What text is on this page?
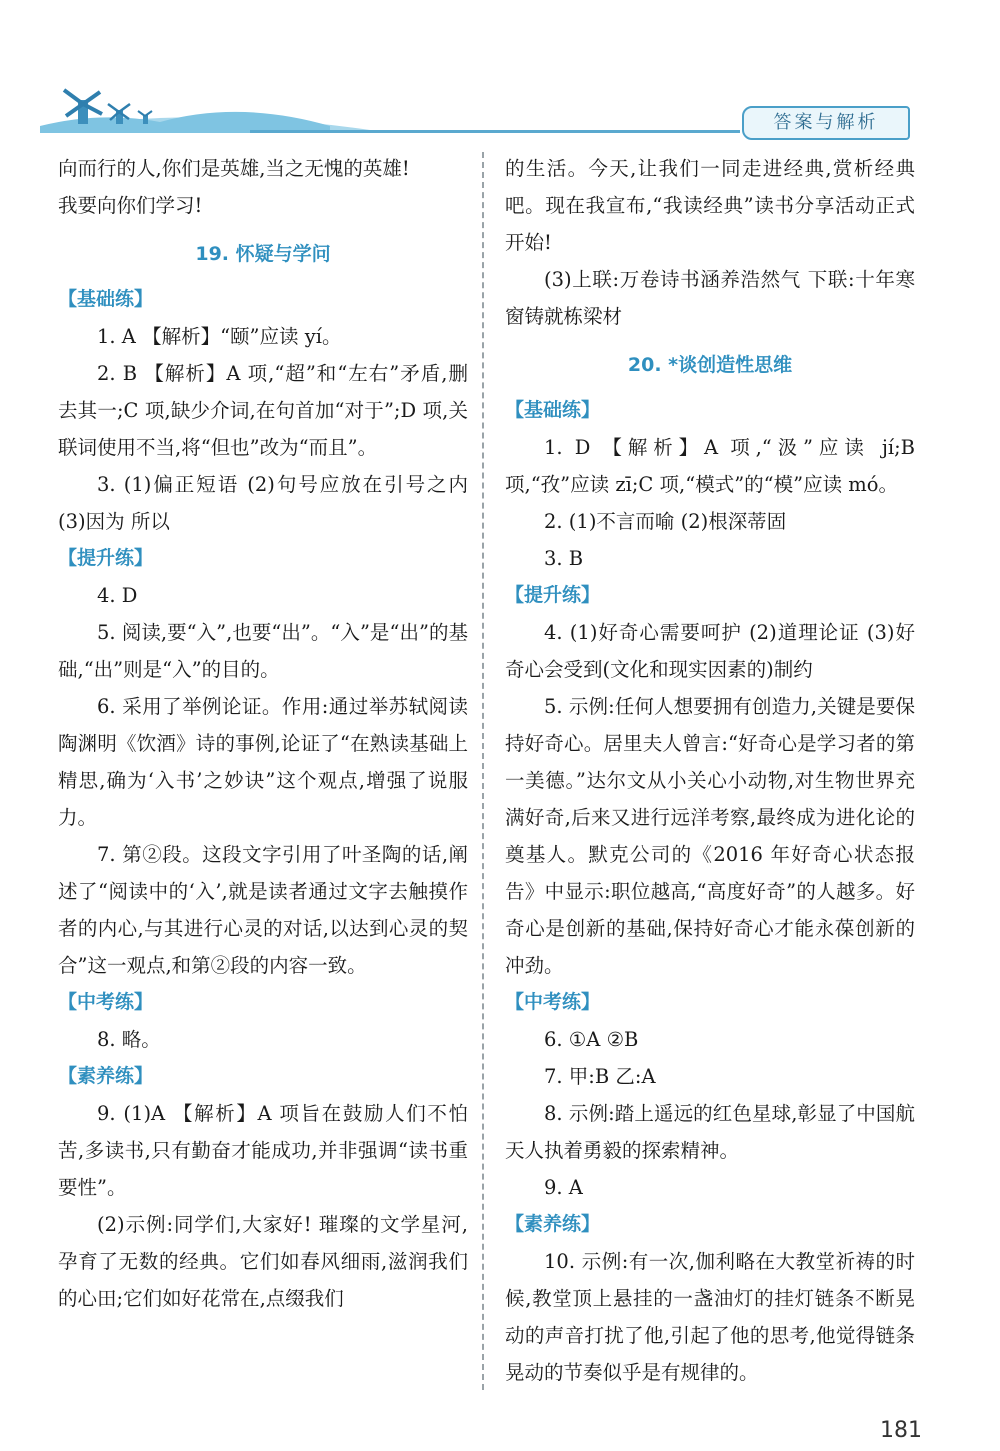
答案与解析

向而行的人,你们是英雄,当之无愧的英雄!

我要向你们学习!

19. 怀疑与学问

【基础练】

1. A 【解析】“颐”应读 yí。

2. B 【解析】A 项,“超”和“左右”矛盾,删去其一;C 项,缺少介词,在句首加“对于”;D 项,关联词使用不当,将“但也”改为“而且”。

3. (1)偏正短语 (2)句号应放在引号之内 (3)因为 所以

【提升练】

4. D

5. 阅读,要“入”,也要“出”。“入”是“出”的基础,“出”则是“入”的目的。

6. 采用了举例论证。作用:通过举苏轼阅读陶渊明《饮酒》诗的事例,论证了“在熟读基础上精思,确为‘入书’之妙诀”这个观点,增强了说服力。

7. 第②段。这段文字引用了叶圣陶的话,阐述了“阅读中的‘入’,就是读者通过文字去触摸作者的内心,与其进行心灵的对话,以达到心灵的契合”这一观点,和第②段的内容一致。

【中考练】

8. 略。

【素养练】

9. (1)A 【解析】A 项旨在鼓励人们不怕苦,多读书,只有勤奋才能成功,并非强调“读书重要性”。

(2)示例:同学们,大家好! 璀璨的文学星河,孕育了无数的经典。它们如春风细雨,滋润我们的心田;它们如好花常在,点缀我们

的生活。今天,让我们一同走进经典,赏析经典吧。现在我宣布,“我读经典”读书分享活动正式开始!

(3)上联:万卷诗书涵养浩然气 下联:十年寒窗铸就栋梁材

20. *谈创造性思维

【基础练】

1. D 【解析】A 项,“汲”应读 jí;B 项,“孜”应读 zī;C 项,“模式”的“模”应读 mó。

2. (1)不言而喻 (2)根深蒂固

3. B

【提升练】

4. (1)好奇心需要呵护 (2)道理论证 (3)好奇心会受到(文化和现实因素的)制约

5. 示例:任何人想要拥有创造力,关键是要保持好奇心。居里夫人曾言:“好奇心是学习者的第一美德。”达尔文从小关心小动物,对生物世界充满好奇,后来又进行远洋考察,最终成为进化论的奠基人。默克公司的《2016 年好奇心状态报告》中显示:职位越高,“高度好奇”的人越多。好奇心是创新的基础,保持好奇心才能永葆创新的冲劲。

【中考练】

6. ①A ②B

7. 甲:B 乙:A

8. 示例:踏上遥远的红色星球,彰显了中国航天人执着勇毅的探索精神。

9. A

【素养练】

10. 示例:有一次,伽利略在大教堂祈祷的时候,教堂顶上悬挂的一盏油灯的挂灯链条不断晃动的声音打扰了他,引起了他的思考,他觉得链条晃动的节奏似乎是有规律的。

181
